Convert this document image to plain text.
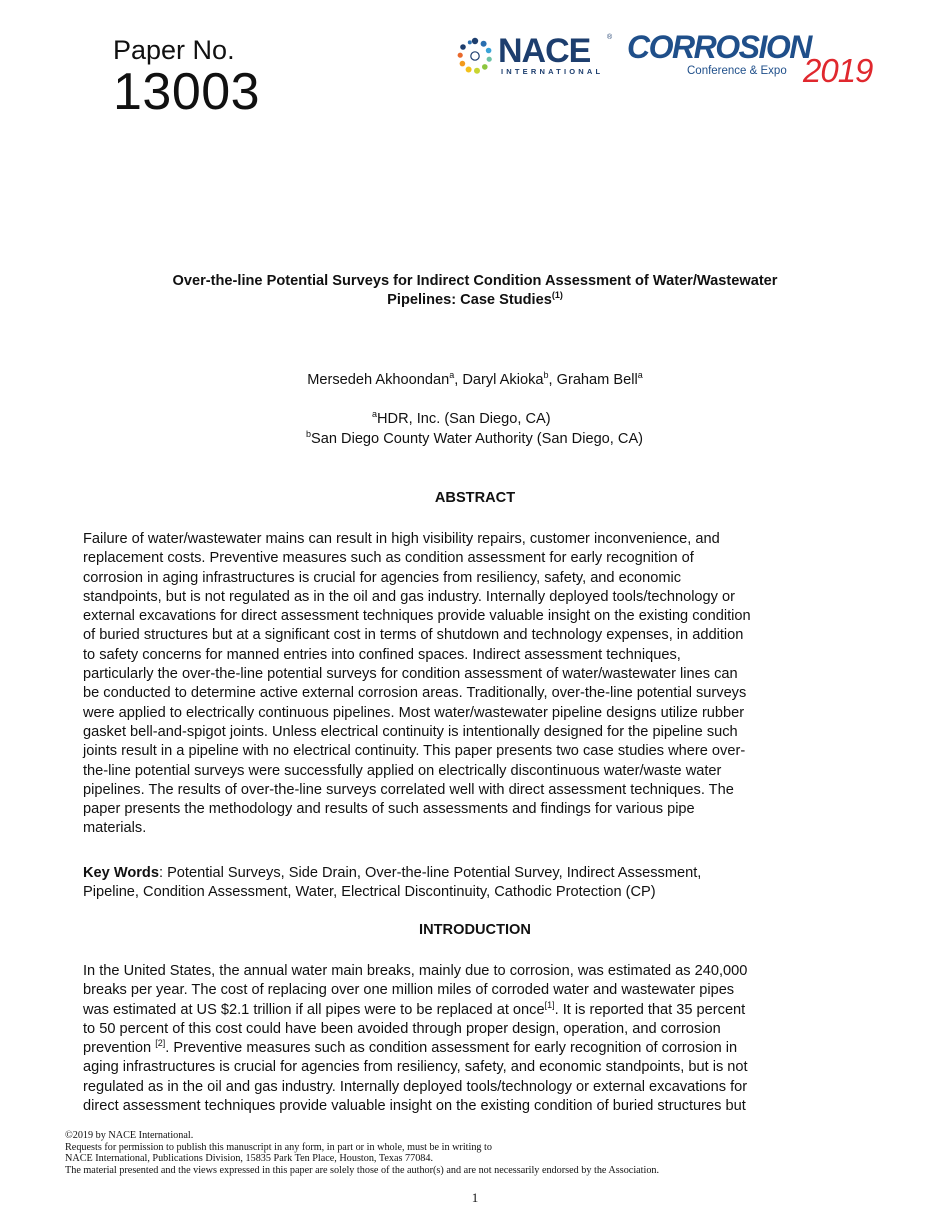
Paper No.
13003
NACE ®
INTERNATIONAL
CORROSION
Conference & Expo 2019
Over-the-line Potential Surveys for Indirect Condition Assessment of Water/Wastewater
Pipelines: Case Studies$^{(1)}$
Mersedeh Akhoondan$^a$, Daryl Akioka$^b$, Graham Bell$^a$
$^a$HDR, Inc. (San Diego, CA)
$^b$San Diego County Water Authority (San Diego, CA)
ABSTRACT
Failure of water/wastewater mains can result in high visibility repairs, customer inconvenience, and
replacement costs. Preventive measures such as condition assessment for early recognition of
corrosion in aging infrastructures is crucial for agencies from resiliency, safety, and economic
standpoints, but is not regulated as in the oil and gas industry. Internally deployed tools/technology or
external excavations for direct assessment techniques provide valuable insight on the existing condition
of buried structures but at a significant cost in terms of shutdown and technology expenses, in addition
to safety concerns for manned entries into confined spaces. Indirect assessment techniques,
particularly the over-the-line potential surveys for condition assessment of water/wastewater lines can
be conducted to determine active external corrosion areas. Traditionally, over-the-line potential surveys
were applied to electrically continuous pipelines. Most water/wastewater pipeline designs utilize rubber
gasket bell-and-spigot joints. Unless electrical continuity is intentionally designed for the pipeline such
joints result in a pipeline with no electrical continuity. This paper presents two case studies where over-
the-line potential surveys were successfully applied on electrically discontinuous water/waste water
pipelines. The results of over-the-line surveys correlated well with direct assessment techniques. The
paper presents the methodology and results of such assessments and findings for various pipe
materials.
Key Words: Potential Surveys, Side Drain, Over-the-line Potential Survey, Indirect Assessment,
Pipeline, Condition Assessment, Water, Electrical Discontinuity, Cathodic Protection (CP)
INTRODUCTION
In the United States, the annual water main breaks, mainly due to corrosion, was estimated as 240,000
breaks per year. The cost of replacing over one million miles of corroded water and wastewater pipes
was estimated at US $2.1 trillion if all pipes were to be replaced at once[1]. It is reported that 35 percent
to 50 percent of this cost could have been avoided through proper design, operation, and corrosion
prevention [2]. Preventive measures such as condition assessment for early recognition of corrosion in
aging infrastructures is crucial for agencies from resiliency, safety, and economic standpoints, but is not
regulated as in the oil and gas industry. Internally deployed tools/technology or external excavations for
direct assessment techniques provide valuable insight on the existing condition of buried structures but
©2019 by NACE International.
Requests for permission to publish this manuscript in any form, in part or in whole, must be in writing to
NACE International, Publications Division, 15835 Park Ten Place, Houston, Texas 77084.
The material presented and the views expressed in this paper are solely those of the author(s) and are not necessarily endorsed by the Association.
1
